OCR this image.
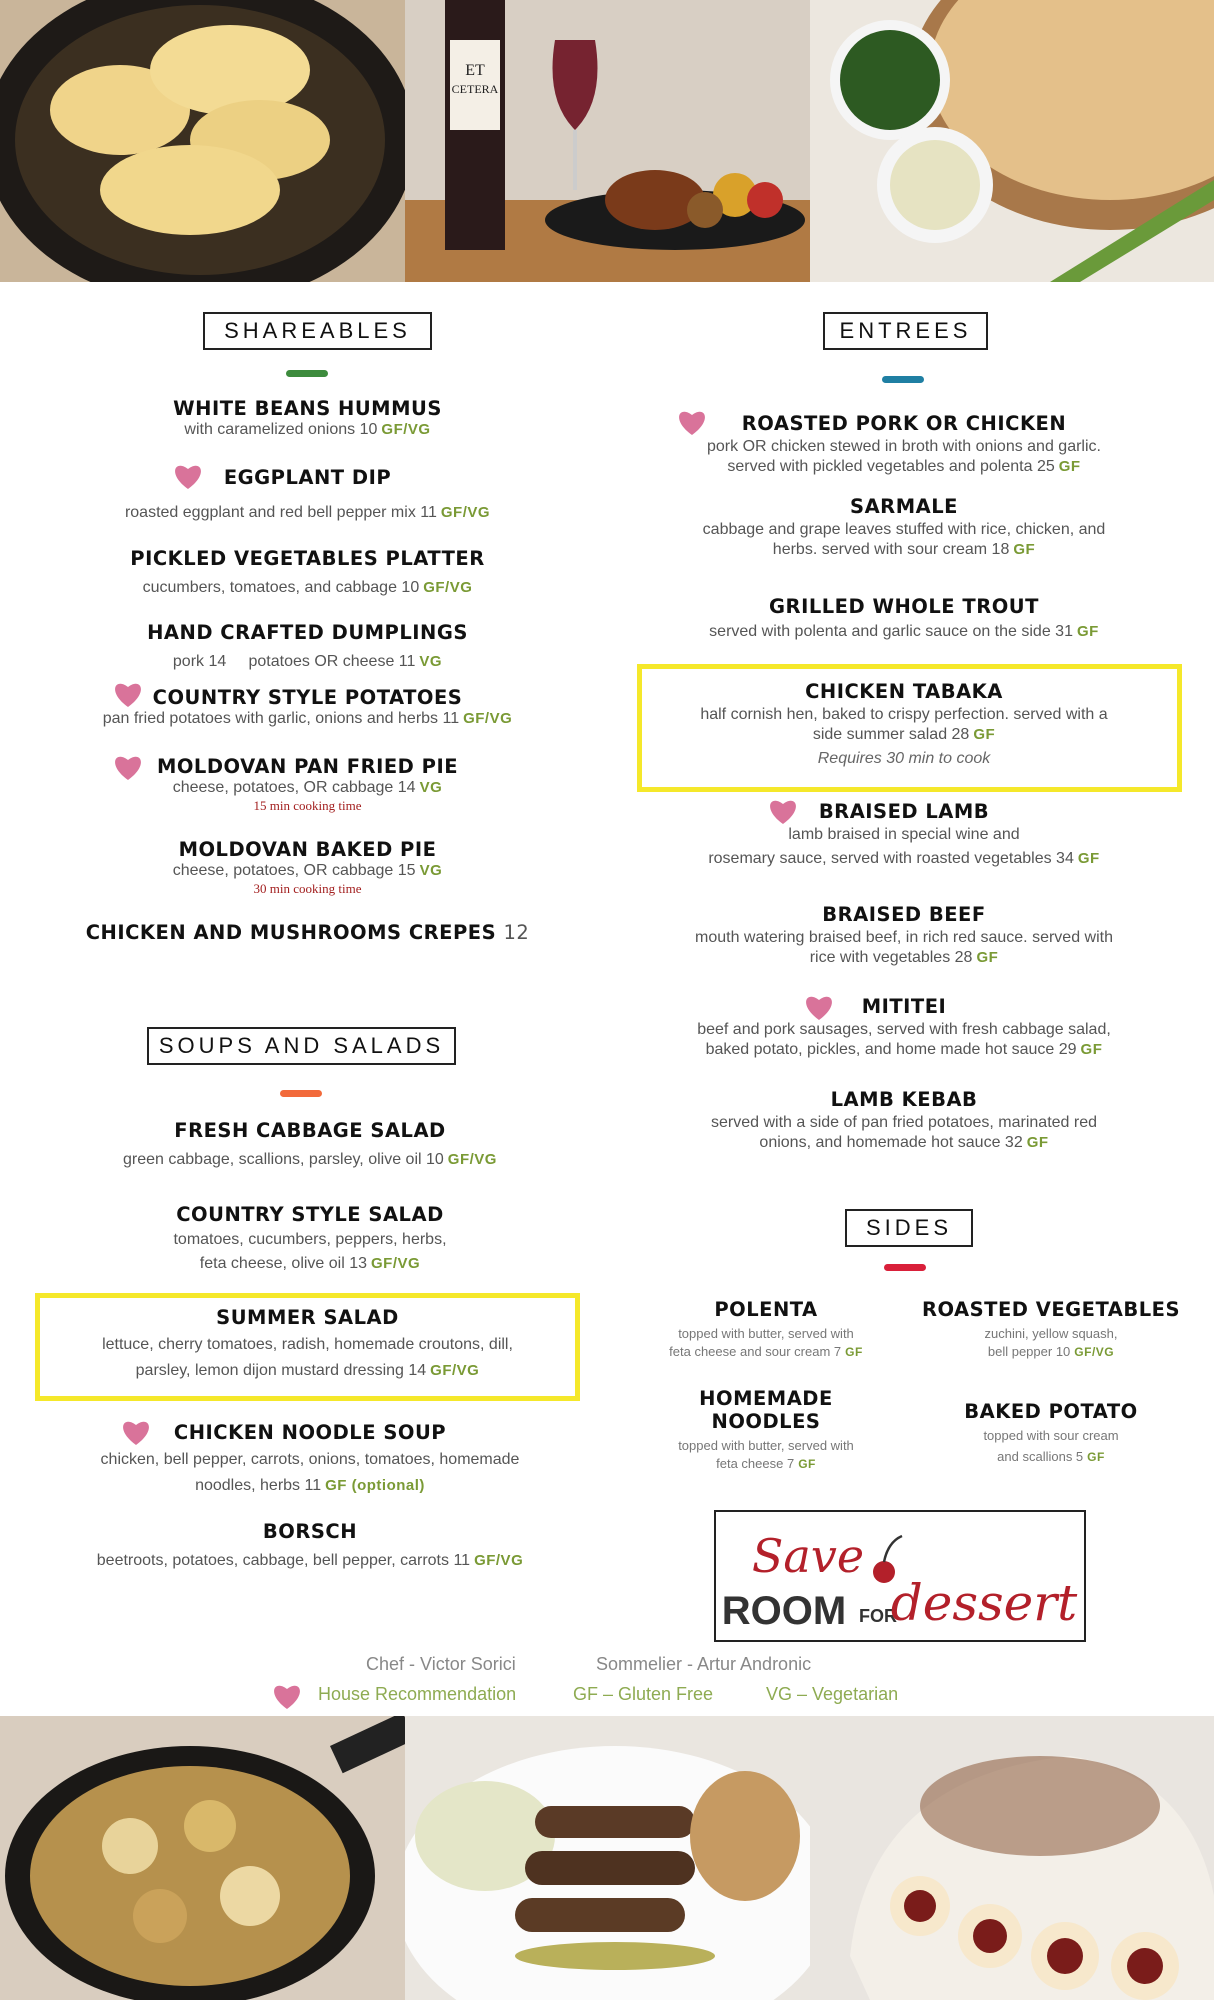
ET
CETERA
SHAREABLES
WHITE BEANS HUMMUS
with caramelized onions 10 GF/VG
EGGPLANT DIP
roasted eggplant and red bell pepper mix 11 GF/VG
PICKLED VEGETABLES PLATTER
cucumbers, tomatoes, and cabbage 10 GF/VG
HAND CRAFTED DUMPLINGS
pork 14     potatoes OR cheese 11 VG
COUNTRY STYLE POTATOES
pan fried potatoes with garlic, onions and herbs 11 GF/VG
MOLDOVAN PAN FRIED PIE
cheese, potatoes, OR cabbage 14 VG
15 min cooking time
MOLDOVAN BAKED PIE
cheese, potatoes, OR cabbage 15 VG
30 min cooking time
CHICKEN AND MUSHROOMS CREPES 12
SOUPS AND SALADS
FRESH CABBAGE SALAD
green cabbage, scallions, parsley, olive oil 10 GF/VG
COUNTRY STYLE SALAD
tomatoes, cucumbers, peppers, herbs,
feta cheese, olive oil 13 GF/VG
SUMMER SALAD
lettuce, cherry tomatoes, radish, homemade croutons, dill,
parsley, lemon dijon mustard dressing 14 GF/VG
CHICKEN NOODLE SOUP
chicken, bell pepper, carrots, onions, tomatoes, homemade
noodles, herbs 11 GF (optional)
BORSCH
beetroots, potatoes, cabbage, bell pepper, carrots 11 GF/VG
ENTREES
ROASTED PORK OR CHICKEN
pork OR chicken stewed in broth with onions and garlic.
served with pickled vegetables and polenta 25 GF
SARMALE
cabbage and grape leaves stuffed with rice, chicken, and
herbs. served with sour cream 18 GF
GRILLED WHOLE TROUT
served with polenta and garlic sauce on the side 31 GF
CHICKEN TABAKA
half cornish hen, baked to crispy perfection. served with a
side summer salad 28 GF
Requires 30 min to cook
BRAISED LAMB
lamb braised in special wine and
rosemary sauce, served with roasted vegetables 34 GF
BRAISED BEEF
mouth watering braised beef, in rich red sauce. served with
rice with vegetables 28 GF
MITITEI
beef and pork sausages, served with fresh cabbage salad,
baked potato, pickles, and home made hot sauce 29 GF
LAMB KEBAB
served with a side of pan fried potatoes, marinated red
onions, and homemade hot sauce 32 GF
SIDES
POLENTA
topped with butter, served with
feta cheese and sour cream 7 GF
ROASTED VEGETABLES
zuchini, yellow squash,
bell pepper 10 GF/VG
HOMEMADE
NOODLES
topped with butter, served with
feta cheese 7 GF
BAKED POTATO
topped with sour cream
and scallions 5 GF
Save
ROOM FOR
dessert
Chef - Victor Sorici	Sommelier - Artur Andronic
House Recommendation	GF – Gluten Free	VG – Vegetarian
